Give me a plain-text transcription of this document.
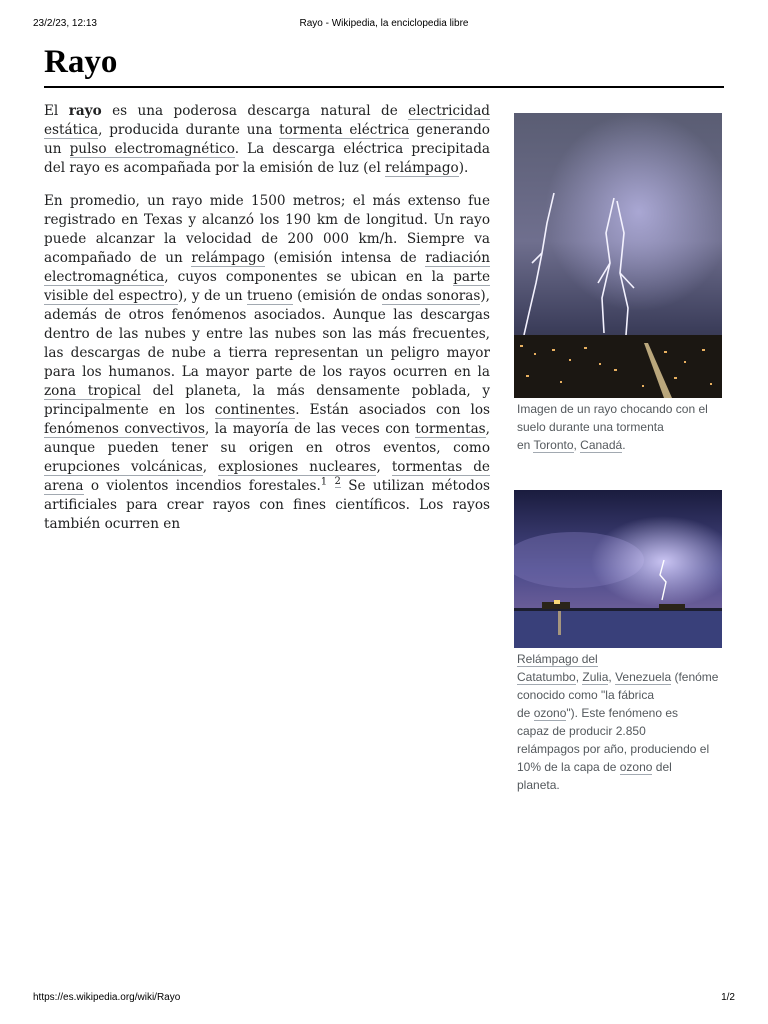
23/2/23, 12:13	Rayo - Wikipedia, la enciclopedia libre
Rayo

El rayo es una poderosa descarga natural de electricidad estática, producida durante una tormenta eléctrica generando un pulso electromagnético. La descarga eléctrica precipitada del rayo es acompañada por la emisión de luz (el relámpago).

En promedio, un rayo mide 1500 metros; el más extenso fue registrado en Texas y alcanzó los 190 km de longitud. Un rayo puede alcanzar la velocidad de 200 000 km/h. Siempre va acompañado de un relámpago (emisión intensa de radiación electromagnética, cuyos componentes se ubican en la parte visible del espectro), y de un trueno (emisión de ondas sonoras), además de otros fenómenos asociados. Aunque las descargas dentro de las nubes y entre las nubes son las más frecuentes, las descargas de nube a tierra representan un peligro mayor para los humanos. La mayor parte de los rayos ocurren en la zona tropical del planeta, la más densamente poblada, y principalmente en los continentes. Están asociados con los fenómenos convectivos, la mayoría de las veces con tormentas, aunque pueden tener su origen en otros eventos, como erupciones volcánicas, explosiones nucleares, tormentas de arena o violentos incendios forestales.$^1$ $^2$ Se utilizan métodos artificiales para crear rayos con fines científicos. Los rayos también ocurren en

Imagen de un rayo chocando con el
suelo durante una tormenta
en Toronto, Canadá.
Relámpago del
Catatumbo, Zulia, Venezuela (fenóme
conocido como "la fábrica
de ozono"). Este fenómeno es
capaz de producir 2.850
relámpagos por año, produciendo el
10% de la capa de ozono del
planeta.
https://es.wikipedia.org/wiki/Rayo	1/2
